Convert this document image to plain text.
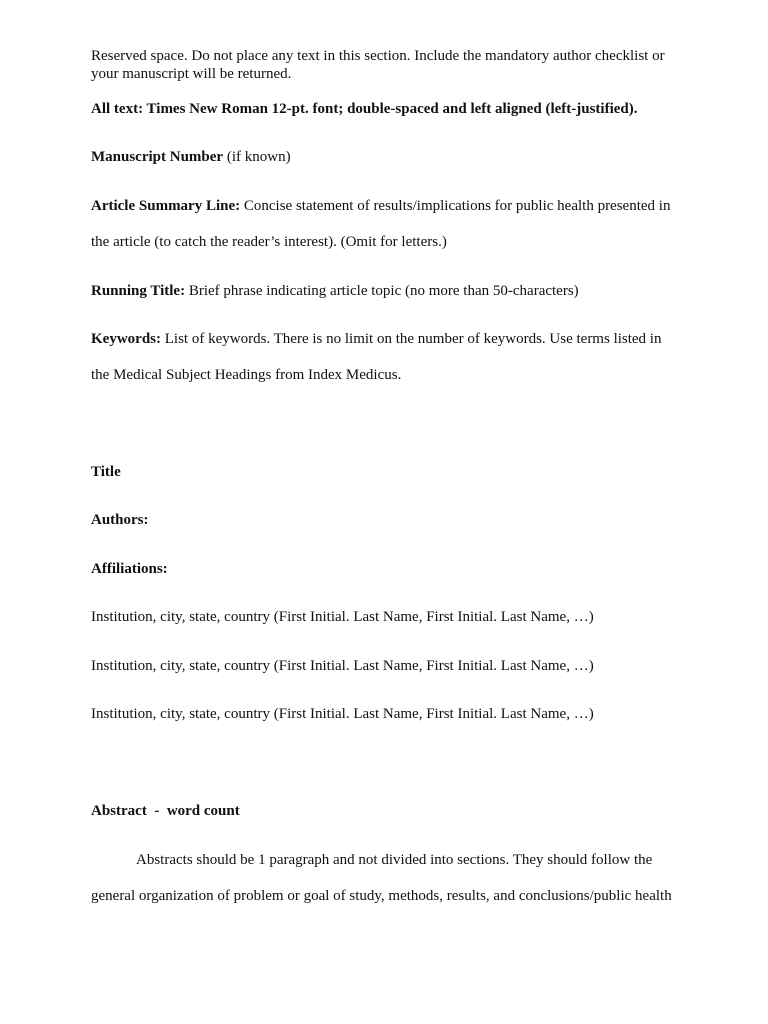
Reserved space. Do not place any text in this section. Include the mandatory author checklist or
your manuscript will be returned.
All text: Times New Roman 12-pt. font; double-spaced and left aligned (left-justified).
Manuscript Number (if known)
Article Summary Line: Concise statement of results/implications for public health presented in
the article (to catch the reader’s interest). (Omit for letters.)
Running Title: Brief phrase indicating article topic (no more than 50-characters)
Keywords: List of keywords. There is no limit on the number of keywords. Use terms listed in
the Medical Subject Headings from Index Medicus.
Title
Authors:
Affiliations:
Institution, city, state, country (First Initial. Last Name, First Initial. Last Name, …)
Institution, city, state, country (First Initial. Last Name, First Initial. Last Name, …)
Institution, city, state, country (First Initial. Last Name, First Initial. Last Name, …)
Abstract  -  word count
Abstracts should be 1 paragraph and not divided into sections. They should follow the
general organization of problem or goal of study, methods, results, and conclusions/public health
